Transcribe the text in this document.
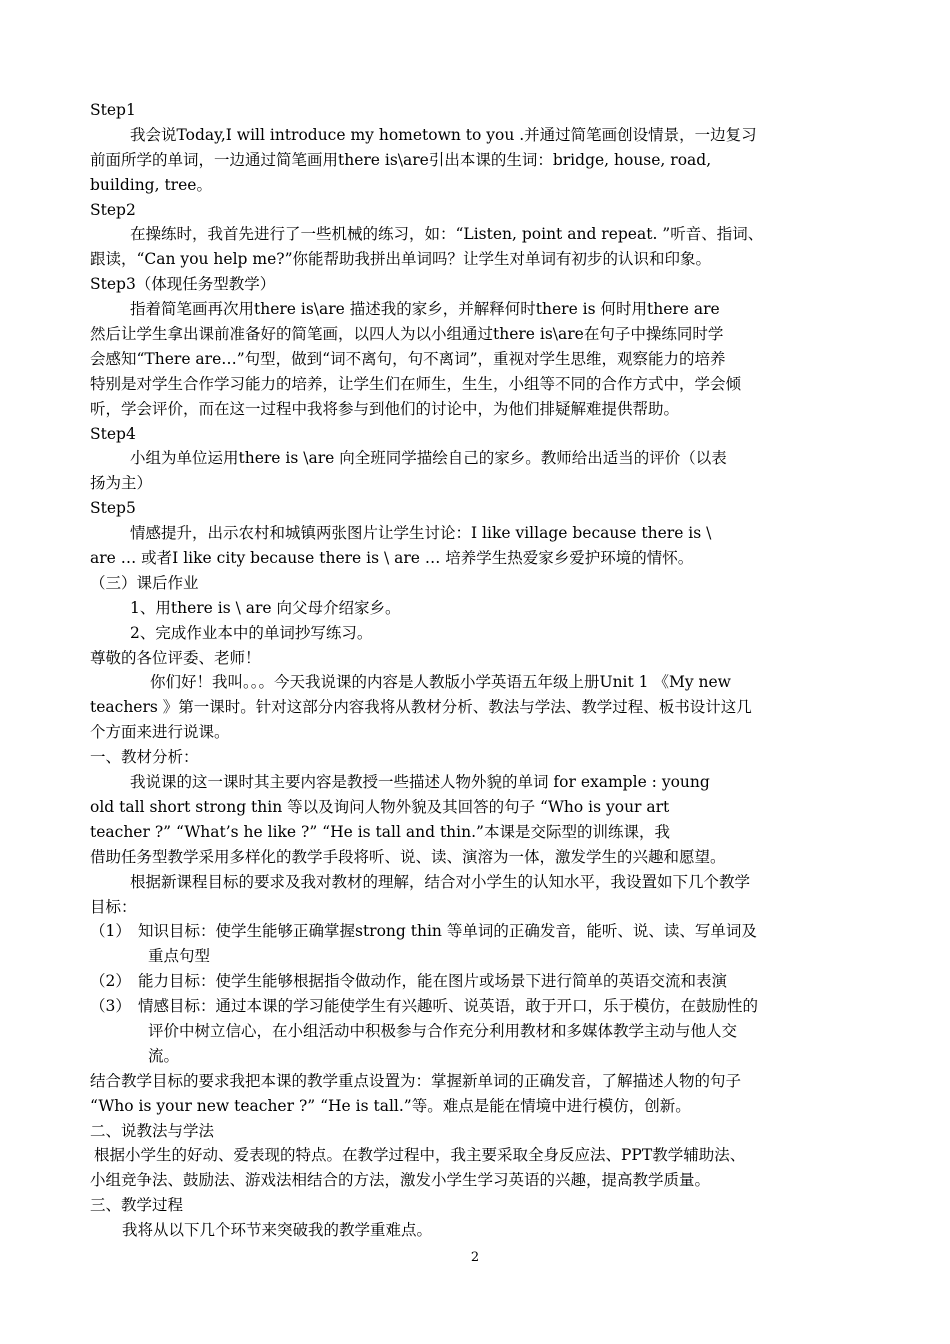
Step1
我会说Today,I will introduce my hometown to you .并通过简笔画创设情景，一边复习
前面所学的单词，一边通过简笔画用there is\are引出本课的生词：bridge, house, road,
building, tree。
Step2
在操练时，我首先进行了一些机械的练习，如：“Listen, point and repeat. ”听音、指词、
跟读，“Can you help me?”你能帮助我拼出单词吗？让学生对单词有初步的认识和印象。
Step3（体现任务型教学）
指着简笔画再次用there is\are 描述我的家乡，并解释何时there is 何时用there are
然后让学生拿出课前准备好的简笔画，以四人为以小组通过there is\are在句子中操练同时学
会感知“There are…”句型，做到“词不离句，句不离词”，重视对学生思维，观察能力的培养
特别是对学生合作学习能力的培养，让学生们在师生，生生，小组等不同的合作方式中，学会倾
听，学会评价，而在这一过程中我将参与到他们的讨论中，为他们排疑解难提供帮助。
Step4
小组为单位运用there is \are 向全班同学描绘自己的家乡。教师给出适当的评价（以表
扬为主）
Step5
情感提升，出示农村和城镇两张图片让学生讨论：I like village because there is \
are … 或者I like city because there is \ are … 培养学生热爱家乡爱护环境的情怀。
（三）课后作业
1、用there is \ are 向父母介绍家乡。
2、完成作业本中的单词抄写练习。
尊敬的各位评委、老师！
你们好！我叫。。。今天我说课的内容是人教版小学英语五年级上册Unit 1 《My new
teachers 》第一课时。针对这部分内容我将从教材分析、教法与学法、教学过程、板书设计这几
个方面来进行说课。
一、教材分析：
我说课的这一课时其主要内容是教授一些描述人物外貌的单词 for example : young
old tall short strong thin 等以及询问人物外貌及其回答的句子 “Who is your art
teacher ?” “What’s he like ?” “He is tall and thin.”本课是交际型的训练课，我
借助任务型教学采用多样化的教学手段将听、说、读、演溶为一体，激发学生的兴趣和愿望。
根据新课程目标的要求及我对教材的理解，结合对小学生的认知水平，我设置如下几个教学
目标：
（1） 知识目标：使学生能够正确掌握strong thin 等单词的正确发音，能听、说、读、写单词及
重点句型
（2） 能力目标：使学生能够根据指令做动作，能在图片或场景下进行简单的英语交流和表演
（3） 情感目标：通过本课的学习能使学生有兴趣听、说英语，敢于开口，乐于模仿，在鼓励性的
评价中树立信心，在小组活动中积极参与合作充分利用教材和多媒体教学主动与他人交
流。
结合教学目标的要求我把本课的教学重点设置为：掌握新单词的正确发音，了解描述人物的句子
“Who is your new teacher ?” “He is tall.”等。难点是能在情境中进行模仿，创新。
二、说教法与学法
根据小学生的好动、爱表现的特点。在教学过程中，我主要采取全身反应法、PPT教学辅助法、
小组竞争法、鼓励法、游戏法相结合的方法，激发小学生学习英语的兴趣，提高教学质量。
三、教学过程
我将从以下几个环节来突破我的教学重难点。
2
